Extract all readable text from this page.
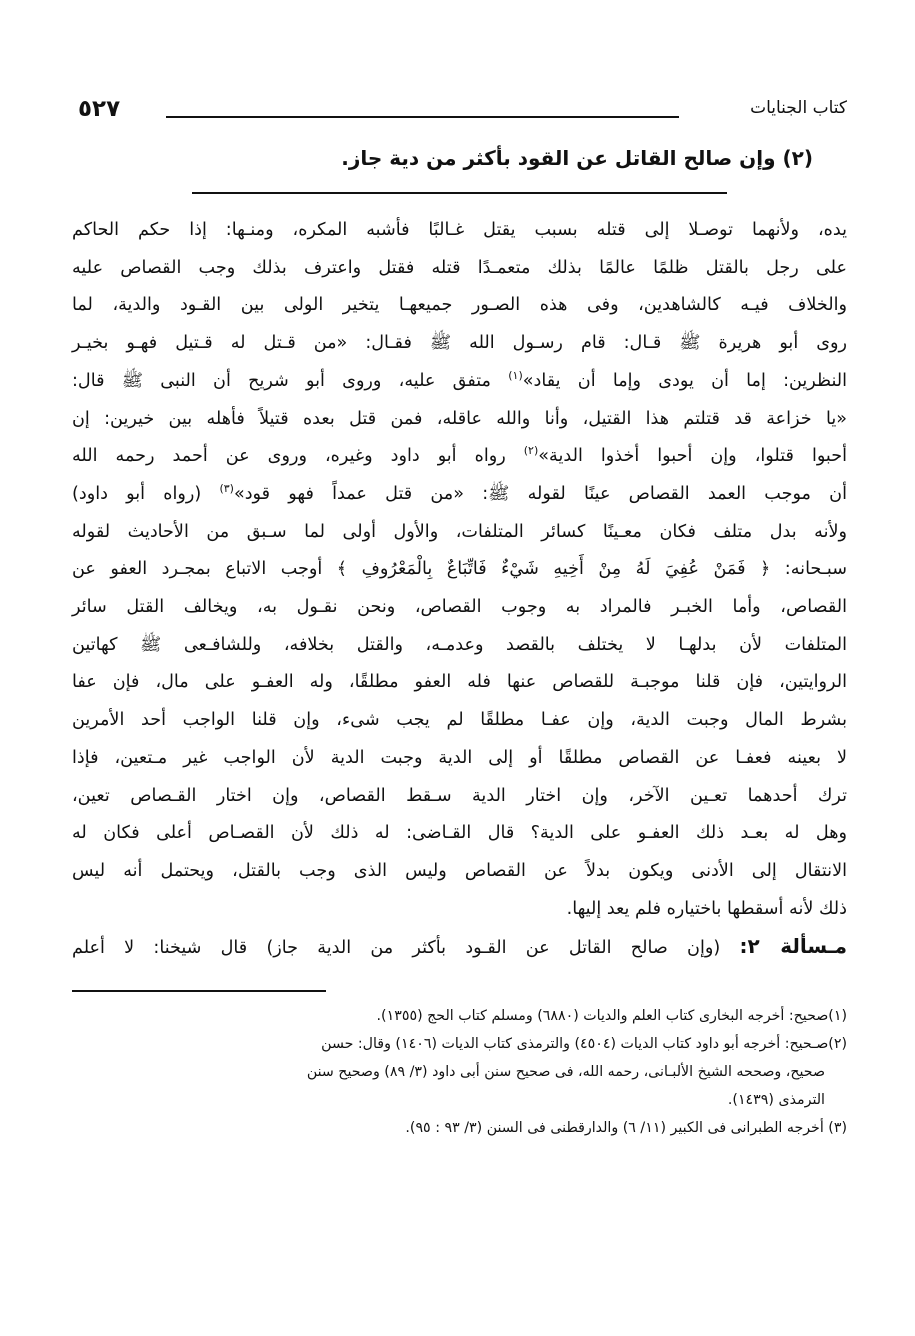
كتاب الجنايات
٥٢٧
(٢) وإن صالح القاتل عن القود بأكثر من دية جاز.
يده، ولأنهما توصـلا إلى قتله بسبب يقتل غـالبًا فأشبه المكره، ومنـها: إذا حكم الحاكم
على رجل بالقتل ظلمًا عالمًا بذلك متعمـدًا قتله فقتل واعترف بذلك وجب القصاص عليه
والخلاف فيـه كالشاهدين، وفى هذه الصـور جميعهـا يتخير الولى بين القـود والدية، لما
روى أبو هريرة ﷺ قـال: قام رسـول الله ﷺ فقـال: «من قـتل له قـتيل فهـو بخيـر
النظرين: إما أن يودى وإما أن يقاد»$^{(١)}$ متفق عليه، وروى أبو شريح أن النبى ﷺ قال:
«يا خزاعة قد قتلتم هذا القتيل، وأنا والله عاقله، فمن قتل بعده قتيلاً فأهله بين خيرين: إن
أحبوا قتلوا، وإن أحبوا أخذوا الدية»$^{(٢)}$ رواه أبو داود وغيره، وروى عن أحمد رحمه الله
أن موجب العمد القصاص عينًا لقوله ﷺ: «من قتل عمداً فهو قود»$^{(٣)}$ (رواه أبو داود)
ولأنه بدل متلف فكان معـينًا كسائر المتلفات، والأول أولى لما سـبق من الأحاديث لقوله
سبـحانه: ﴿ فَمَنْ عُفِيَ لَهُ مِنْ أَخِيهِ شَيْءٌ فَاتِّبَاعٌ بِالْمَعْرُوفِ ﴾ أوجب الاتباع بمجـرد العفو عن
القصاص، وأما الخبـر فالمراد به وجوب القصاص، ونحن نقـول به، ويخالف القتل سائر
المتلفات لأن بدلهـا لا يختلف بالقصد وعدمـه، والقتل بخلافه، وللشافـعى ﷺ كهاتين
الروايتين، فإن قلنا موجبـة للقصاص عنها فله العفو مطلقًا، وله العفـو على مال، فإن عفا
بشرط المال وجبت الدية، وإن عفـا مطلقًا لم يجب شىء، وإن قلنا الواجب أحد الأمرين
لا بعينه فعفـا عن القصاص مطلقًا أو إلى الدية وجبت الدية لأن الواجب غير مـتعين، فإذا
ترك أحدهما تعـين الآخر، وإن اختار الدية سـقط القصاص، وإن اختار القـصاص تعين،
وهل له بعـد ذلك العفـو على الدية؟ قال القـاضى: له ذلك لأن القصـاص أعلى فكان له
الانتقال إلى الأدنى ويكون بدلاً عن القصاص وليس الذى وجب بالقتل، ويحتمل أنه ليس
ذلك لأنه أسقطها باختياره فلم يعد إليها.
مـسألة ٢: (وإن صالح القاتل عن القـود بأكثر من الدية جاز) قال شيخنا: لا أعلم
(١)صحيح: أخرجه البخارى كتاب العلم والديات (٦٨٨٠) ومسلم كتاب الحج (١٣٥٥).
(٢)صـحيح: أخرجه أبو داود كتاب الديات (٤٥٠٤) والترمذى كتاب الديات (١٤٠٦) وقال: حسن
صحيح، وصححه الشيخ الألبـانى، رحمه الله، فى صحيح سنن أبى داود (٣/ ٨٩) وصحيح سنن
الترمذى (١٤٣٩).
(٣) أخرجه الطبرانى فى الكبير (١١/ ٦) والدارقطنى فى السنن (٣/ ٩٣ : ٩٥).
